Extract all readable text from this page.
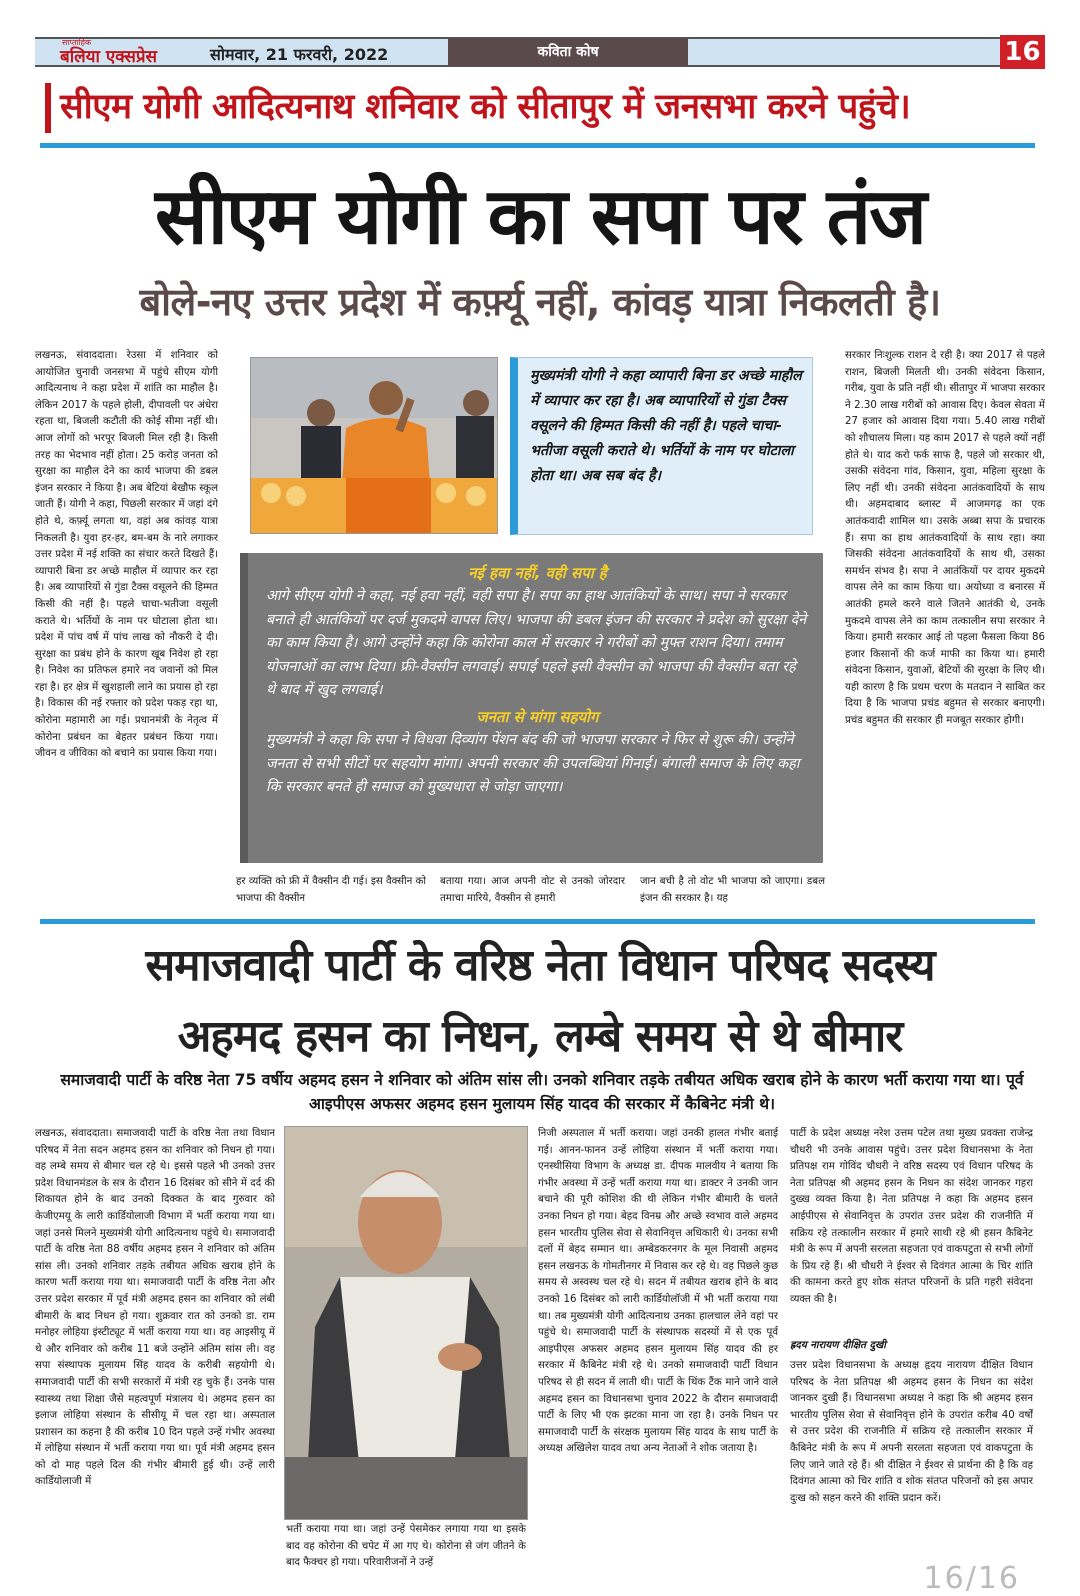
साप्ताहिक
बलिया एक्सप्रेस	सोमवार, 21 फरवरी, 2022	कविता कोष	16
सीएम योगी आदित्यनाथ शनिवार को सीतापुर में जनसभा करने पहुंचे।
सीएम योगी का सपा पर तंज
बोले-नए उत्तर प्रदेश में कर्फ़्यू नहीं, कांवड़ यात्रा निकलती है।
लखनऊ, संवाददाता। रेउसा में शनिवार को आयोजित चुनावी जनसभा में पहुंचे सीएम योगी आदित्यनाथ ने कहा प्रदेश में शांति का माहौल है। लेकिन 2017 के पहले होली, दीपावली पर अंधेरा रहता था, बिजली कटौती की कोई सीमा नहीं थी। आज लोगों को भरपूर बिजली मिल रही है। किसी तरह का भेदभाव नहीं होता। 25 करोड़ जनता को सुरक्षा का माहौल देने का कार्य भाजपा की डबल इंजन सरकार ने किया है। अब बेटियां बेखौफ स्कूल जाती हैं। योगी ने कहा, पिछली सरकार में जहां दंगे होते थे, कर्फ़्यू लगता था, वहां अब कांवड़ यात्रा निकलती है। युवा हर-हर, बम-बम के नारे लगाकर उत्तर प्रदेश में नई शक्ति का संचार करते दिखते हैं। व्यापारी बिना डर अच्छे माहौल में व्यापार कर रहा है। अब व्यापारियों से गुंडा टैक्स वसूलने की हिम्मत किसी की नहीं है। पहले चाचा-भतीजा वसूली कराते थे। भर्तियों के नाम पर घोटाला होता था। प्रदेश में पांच वर्ष में पांच लाख को नौकरी दे दी। सुरक्षा का प्रबंध होने के कारण खूब निवेश हो रहा है। निवेश का प्रतिफल हमारे नव जवानों को मिल रहा है। हर क्षेत्र में खुशहाली लाने का प्रयास हो रहा है। विकास की नई रफ्तार को प्रदेश पकड़ रहा था, कोरोना महामारी आ गई। प्रधानमंत्री के नेतृत्व में कोरोना प्रबंधन का बेहतर प्रबंधन किया गया। जीवन व जीविका को बचाने का प्रयास किया गया।
मुख्यमंत्री योगी ने कहा व्यापारी बिना डर अच्छे माहौल में व्यापार कर रहा है। अब व्यापारियों से गुंडा टैक्स वसूलने की हिम्मत किसी की नहीं है। पहले चाचा-भतीजा वसूली कराते थे। भर्तियों के नाम पर घोटाला होता था। अब सब बंद है।
नई हवा नहीं, वही सपा है
आगे सीएम योगी ने कहा, नई हवा नहीं, वही सपा है। सपा का हाथ आतंकियों के साथ। सपा ने सरकार बनाते ही आतंकियों पर दर्ज मुकदमे वापस लिए। भाजपा की डबल इंजन की सरकार ने प्रदेश को सुरक्षा देने का काम किया है। आगे उन्होंने कहा कि कोरोना काल में सरकार ने गरीबों को मुफ्त राशन दिया। तमाम योजनाओं का लाभ दिया। फ्री-वैक्सीन लगवाई। सपाई पहले इसी वैक्सीन को भाजपा की वैक्सीन बता रहे थे बाद में खुद लगवाई।
जनता से मांगा सहयोग
मुख्यमंत्री ने कहा कि सपा ने विधवा दिव्यांग पेंशन बंद की जो भाजपा सरकार ने फिर से शुरू की। उन्होंने जनता से सभी सीटों पर सहयोग मांगा। अपनी सरकार की उपलब्धियां गिनाई। बंगाली समाज के लिए कहा कि सरकार बनते ही समाज को मुख्यधारा से जोड़ा जाएगा।
हर व्यक्ति को फ्री में वैक्सीन दी गई। इस वैक्सीन को भाजपा की वैक्सीन
बताया गया। आज अपनी वोट से उनको जोरदार तमाचा मारिये, वैक्सीन से हमारी
जान बची है तो वोट भी भाजपा को जाएगा। डबल इंजन की सरकार है। यह
सरकार निःशुल्क राशन दे रही है। क्या 2017 से पहले राशन, बिजली मिलती थी। उनकी संवेदना किसान, गरीब, युवा के प्रति नहीं थी। सीतापुर में भाजपा सरकार ने 2.30 लाख गरीबों को आवास दिए। केवल सेवता में 27 हजार को आवास दिया गया। 5.40 लाख गरीबों को शौचालय मिला। यह काम 2017 से पहले क्यों नहीं होते थे। याद करो फर्क साफ है, पहले जो सरकार थी, उसकी संवेदना गांव, किसान, युवा, महिला सुरक्षा के लिए नहीं थी। उनकी संवेदना आतंकवादियों के साथ थी। अहमदाबाद ब्लास्ट में आजमगढ़ का एक आतंकवादी शामिल था। उसके अब्बा सपा के प्रचारक हैं। सपा का हाथ आतंकवादियों के साथ रहा। क्या जिसकी संवेदना आतंकवादियों के साथ थी, उसका समर्थन संभव है। सपा ने आतंकियों पर दायर मुकदमे वापस लेने का काम किया था। अयोध्या व बनारस में आतंकी हमले करने वाले जितने आतंकी थे, उनके मुकदमे वापस लेने का काम तत्कालीन सपा सरकार ने किया। हमारी सरकार आई तो पहला फैसला किया 86 हजार किसानों की कर्ज माफी का किया था। हमारी संवेदना किसान, युवाओं, बेटियों की सुरक्षा के लिए थी। यही कारण है कि प्रथम चरण के मतदान ने साबित कर दिया है कि भाजपा प्रचंड बहुमत से सरकार बनाएगी। प्रचंड बहुमत की सरकार ही मजबूत सरकार होगी।
समाजवादी पार्टी के वरिष्ठ नेता विधान परिषद सदस्य
अहमद हसन का निधन, लम्बे समय से थे बीमार
समाजवादी पार्टी के वरिष्ठ नेता 75 वर्षीय अहमद हसन ने शनिवार को अंतिम सांस ली। उनको शनिवार तड़के तबीयत अधिक खराब होने के कारण भर्ती कराया गया था। पूर्व आइपीएस अफसर अहमद हसन मुलायम सिंह यादव की सरकार में कैबिनेट मंत्री थे।
लखनऊ, संवाददाता। समाजवादी पार्टी के वरिष्ठ नेता तथा विधान परिषद में नेता सदन अहमद हसन का शनिवार को निधन हो गया। वह लम्बे समय से बीमार चल रहे थे। इससे पहले भी उनको उत्तर प्रदेश विधानमंडल के सत्र के दौरान 16 दिसंबर को सीने में दर्द की शिकायत होने के बाद उनको दिक्कत के बाद गुरुवार को केजीएमयू के लारी कार्डियोलाजी विभाग में भर्ती कराया गया था। जहां उनसे मिलने मुख्यमंत्री योगी आदित्यनाथ पहुंचे थे। समाजवादी पार्टी के वरिष्ठ नेता 88 वर्षीय अहमद हसन ने शनिवार को अंतिम सांस ली। उनको शनिवार तड़के तबीयत अधिक खराब होने के कारण भर्ती कराया गया था। समाजवादी पार्टी के वरिष्ठ नेता और उत्तर प्रदेश सरकार में पूर्व मंत्री अहमद हसन का शनिवार को लंबी बीमारी के बाद निधन हो गया। शुक्रवार रात को उनको डा. राम मनोहर लोहिया इंस्टीट्यूट में भर्ती कराया गया था। वह आइसीयू में थे और शनिवार को करीब 11 बजे उन्होंने अंतिम सांस ली। वह सपा संस्थापक मुलायम सिंह यादव के करीबी सहयोगी थे। समाजवादी पार्टी की सभी सरकारों में मंत्री रह चुके हैं। उनके पास स्वास्थ्य तथा शिक्षा जैसे महत्वपूर्ण मंत्रालय थे। अहमद हसन का इलाज लोहिया संस्थान के सीसीयू में चल रहा था। अस्पताल प्रशासन का कहना है की करीब 10 दिन पहले उन्हें गंभीर अवस्था में लोहिया संस्थान में भर्ती कराया गया था। पूर्व मंत्री अहमद हसन को दो माह पहले दिल की गंभीर बीमारी हुई थी। उन्हें लारी कार्डियोलाजी में
भर्ती कराया गया था। जहां उन्हें पेसमेकर लगाया गया था इसके बाद वह कोरोना की चपेट में आ गए थे। कोरोना से जंग जीतने के बाद फैक्चर हो गया। परिवारीजनों ने उन्हें
निजी अस्पताल में भर्ती कराया। जहां उनकी हालत गंभीर बताई गई। आनन-फानन उन्हें लोहिया संस्थान में भर्ती कराया गया। एनस्थीसिया विभाग के अध्यक्ष डा. दीपक मालवीय ने बताया कि गंभीर अवस्था में उन्हें भर्ती कराया गया था। डाक्टर ने उनकी जान बचाने की पूरी कोशिश की थी लेकिन गंभीर बीमारी के चलते उनका निधन हो गया। बेहद विनम्र और अच्छे स्वभाव वाले अहमद हसन भारतीय पुलिस सेवा से सेवानिवृत्त अधिकारी थे। उनका सभी दलों में बेहद सम्मान था। अम्बेडकरनगर के मूल निवासी अहमद हसन लखनऊ के गोमतीनगर में निवास कर रहे थे। वह पिछले कुछ समय से अस्वस्थ चल रहे थे। सदन में तबीयत खराब होने के बाद उनको 16 दिसंबर को लारी कार्डियोलॉजी में भी भर्ती कराया गया था। तब मुख्यमंत्री योगी आदित्यनाथ उनका हालचाल लेने वहां पर पहुंचे थे। समाजवादी पार्टी के संस्थापक सदस्यों में से एक पूर्व आइपीएस अफसर अहमद हसन मुलायम सिंह यादव की हर सरकार में कैबिनेट मंत्री रहे थे। उनको समाजवादी पार्टी विधान परिषद से ही सदन में लाती थी। पार्टी के थिंक टैंक माने जाने वाले अहमद हसन का विधानसभा चुनाव 2022 के दौरान समाजवादी पार्टी के लिए भी एक झटका माना जा रहा है। उनके निधन पर समाजवादी पार्टी के संरक्षक मुलायम सिंह यादव के साथ पार्टी के अध्यक्ष अखिलेश यादव तथा अन्य नेताओं ने शोक जताया है।
पार्टी के प्रदेश अध्यक्ष नरेश उत्तम पटेल तथा मुख्य प्रवक्ता राजेन्द्र चौधरी भी उनके आवास पहुंचे। उत्तर प्रदेश विधानसभा के नेता प्रतिपक्ष राम गोविंद चौधरी ने वरिष्ठ सदस्य एवं विधान परिषद के नेता प्रतिपक्ष श्री अहमद हसन के निधन का संदेश जानकर गहरा दुख्ख व्यक्त किया है। नेता प्रतिपक्ष ने कहा कि अहमद हसन आईपीएस से सेवानिवृत्त के उपरांत उत्तर प्रदेश की राजनीति में सक्रिय रहे तत्कालीन सरकार में हमारे साथी रहे श्री हसन कैबिनेट मंत्री के रूप में अपनी सरलता सहजता एवं वाकपटुता से सभी लोगों के प्रिय रहे हैं। श्री चौधरी ने ईश्वर से दिवंगत आत्मा के चिर शांति की कामना करते हुए शोक संतप्त परिजनों के प्रति गहरी संवेदना व्यक्त की है।
ह्रदय नारायण दीक्षित दुखी
उत्तर प्रदेश विधानसभा के अध्यक्ष हृदय नारायण दीक्षित विधान परिषद के नेता प्रतिपक्ष श्री अहमद हसन के निधन का संदेश जानकर दुखी हैं। विधानसभा अध्यक्ष ने कहा कि श्री अहमद हसन भारतीय पुलिस सेवा से सेवानिवृत्त होने के उपरांत करीब 40 वर्षों से उत्तर प्रदेश की राजनीति में सक्रिय रहे तत्कालीन सरकार में कैबिनेट मंत्री के रूप में अपनी सरलता सहजता एवं वाकपटुता के लिए जाने जाते रहे हैं। श्री दीक्षित ने ईश्वर से प्रार्थना की है कि वह दिवंगत आत्मा को चिर शांति व शोक संतप्त परिजनों को इस अपार दुःख को सहन करने की शक्ति प्रदान करें।
16/16
